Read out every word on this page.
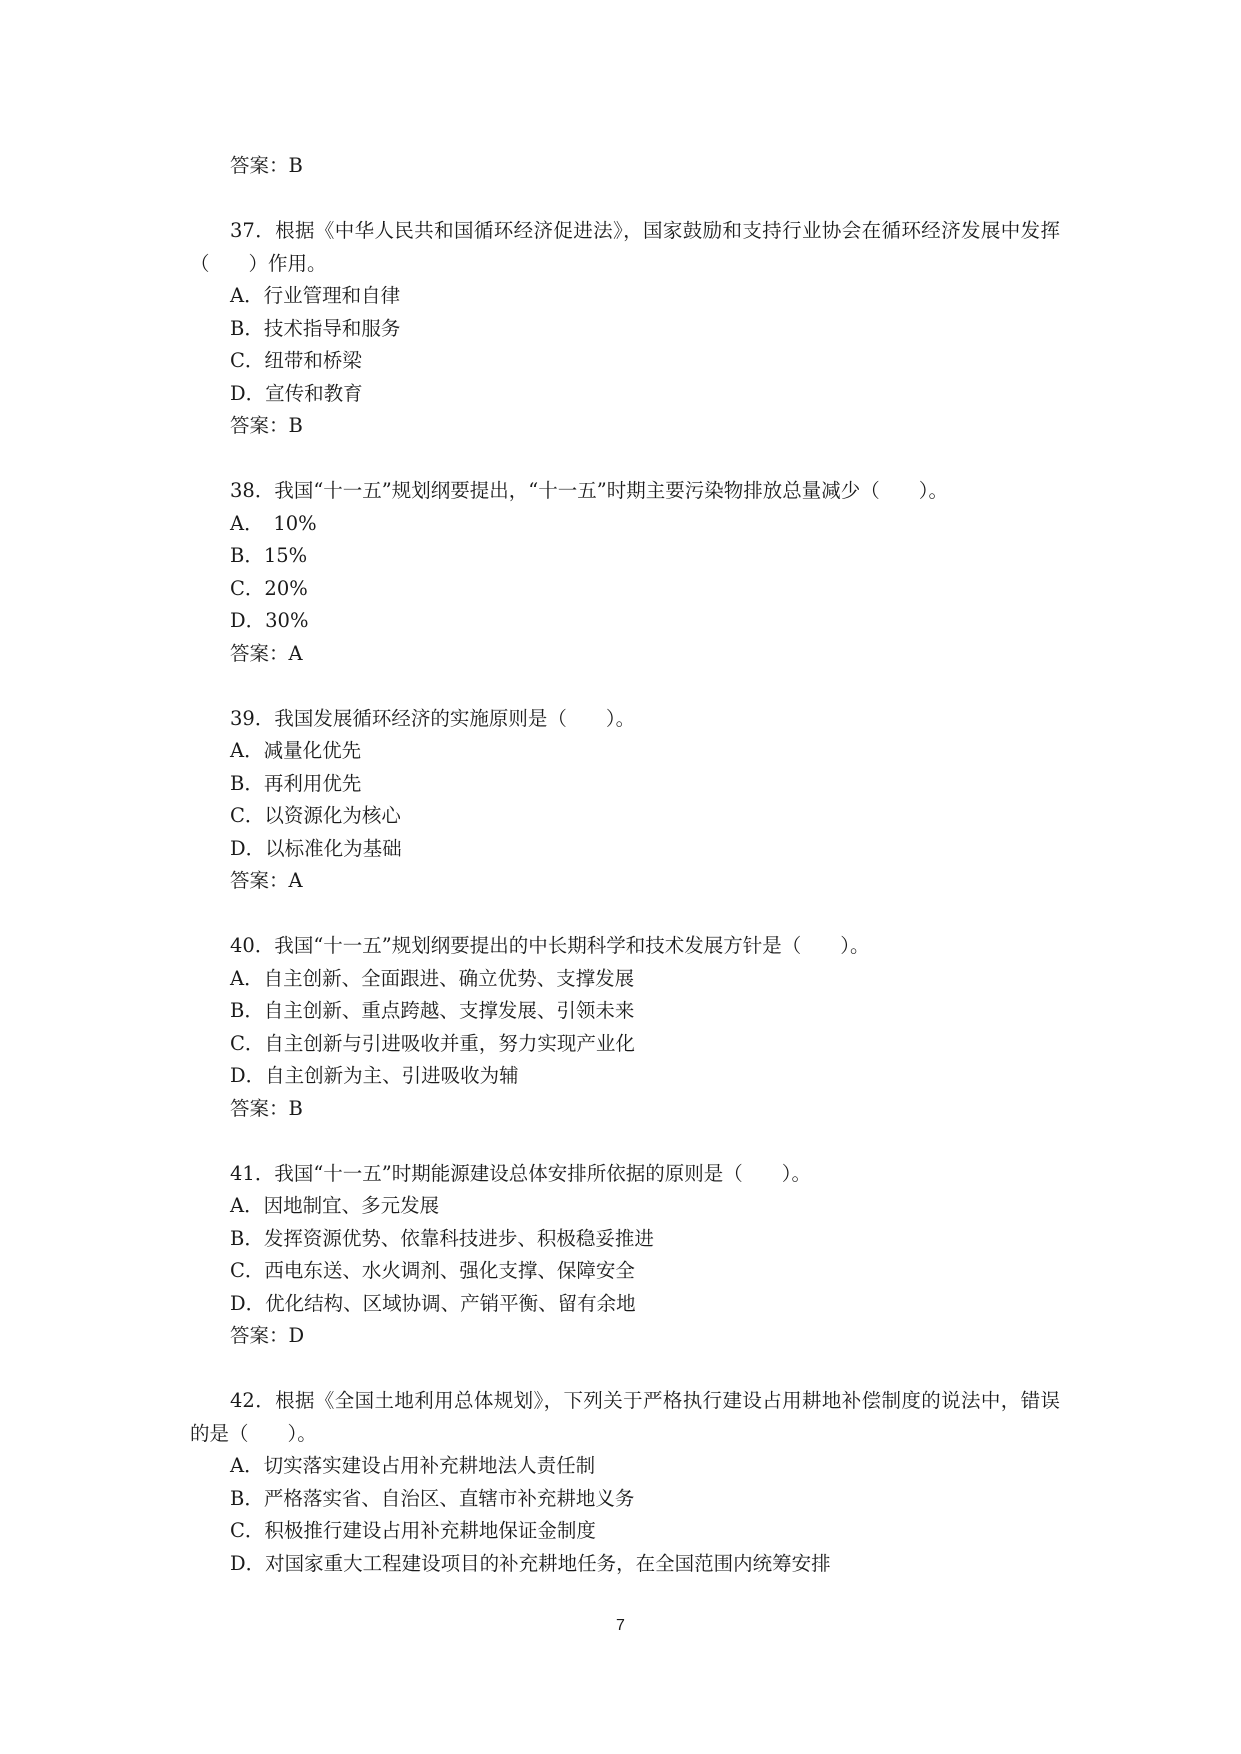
答案：B
37．根据《中华人民共和国循环经济促进法》，国家鼓励和支持行业协会在循环经济发展中发挥（　　）作用。
A．行业管理和自律
B．技术指导和服务
C．纽带和桥梁
D．宣传和教育
答案：B
38．我国“十一五”规划纲要提出，“十一五”时期主要污染物排放总量减少（　　）。
A．　10%
B．15%
C．20%
D．30%
答案：A
39．我国发展循环经济的实施原则是（　　）。
A．减量化优先
B．再利用优先
C．以资源化为核心
D．以标准化为基础
答案：A
40．我国“十一五”规划纲要提出的中长期科学和技术发展方针是（　　）。
A．自主创新、全面跟进、确立优势、支撑发展
B．自主创新、重点跨越、支撑发展、引领未来
C．自主创新与引进吸收并重，努力实现产业化
D．自主创新为主、引进吸收为辅
答案：B
41．我国“十一五”时期能源建设总体安排所依据的原则是（　　）。
A．因地制宜、多元发展
B．发挥资源优势、依靠科技进步、积极稳妥推进
C．西电东送、水火调剂、强化支撑、保障安全
D．优化结构、区域协调、产销平衡、留有余地
答案：D
42．根据《全国土地利用总体规划》，下列关于严格执行建设占用耕地补偿制度的说法中，错误的是（　　）。
A．切实落实建设占用补充耕地法人责任制
B．严格落实省、自治区、直辖市补充耕地义务
C．积极推行建设占用补充耕地保证金制度
D．对国家重大工程建设项目的补充耕地任务，在全国范围内统筹安排
7
